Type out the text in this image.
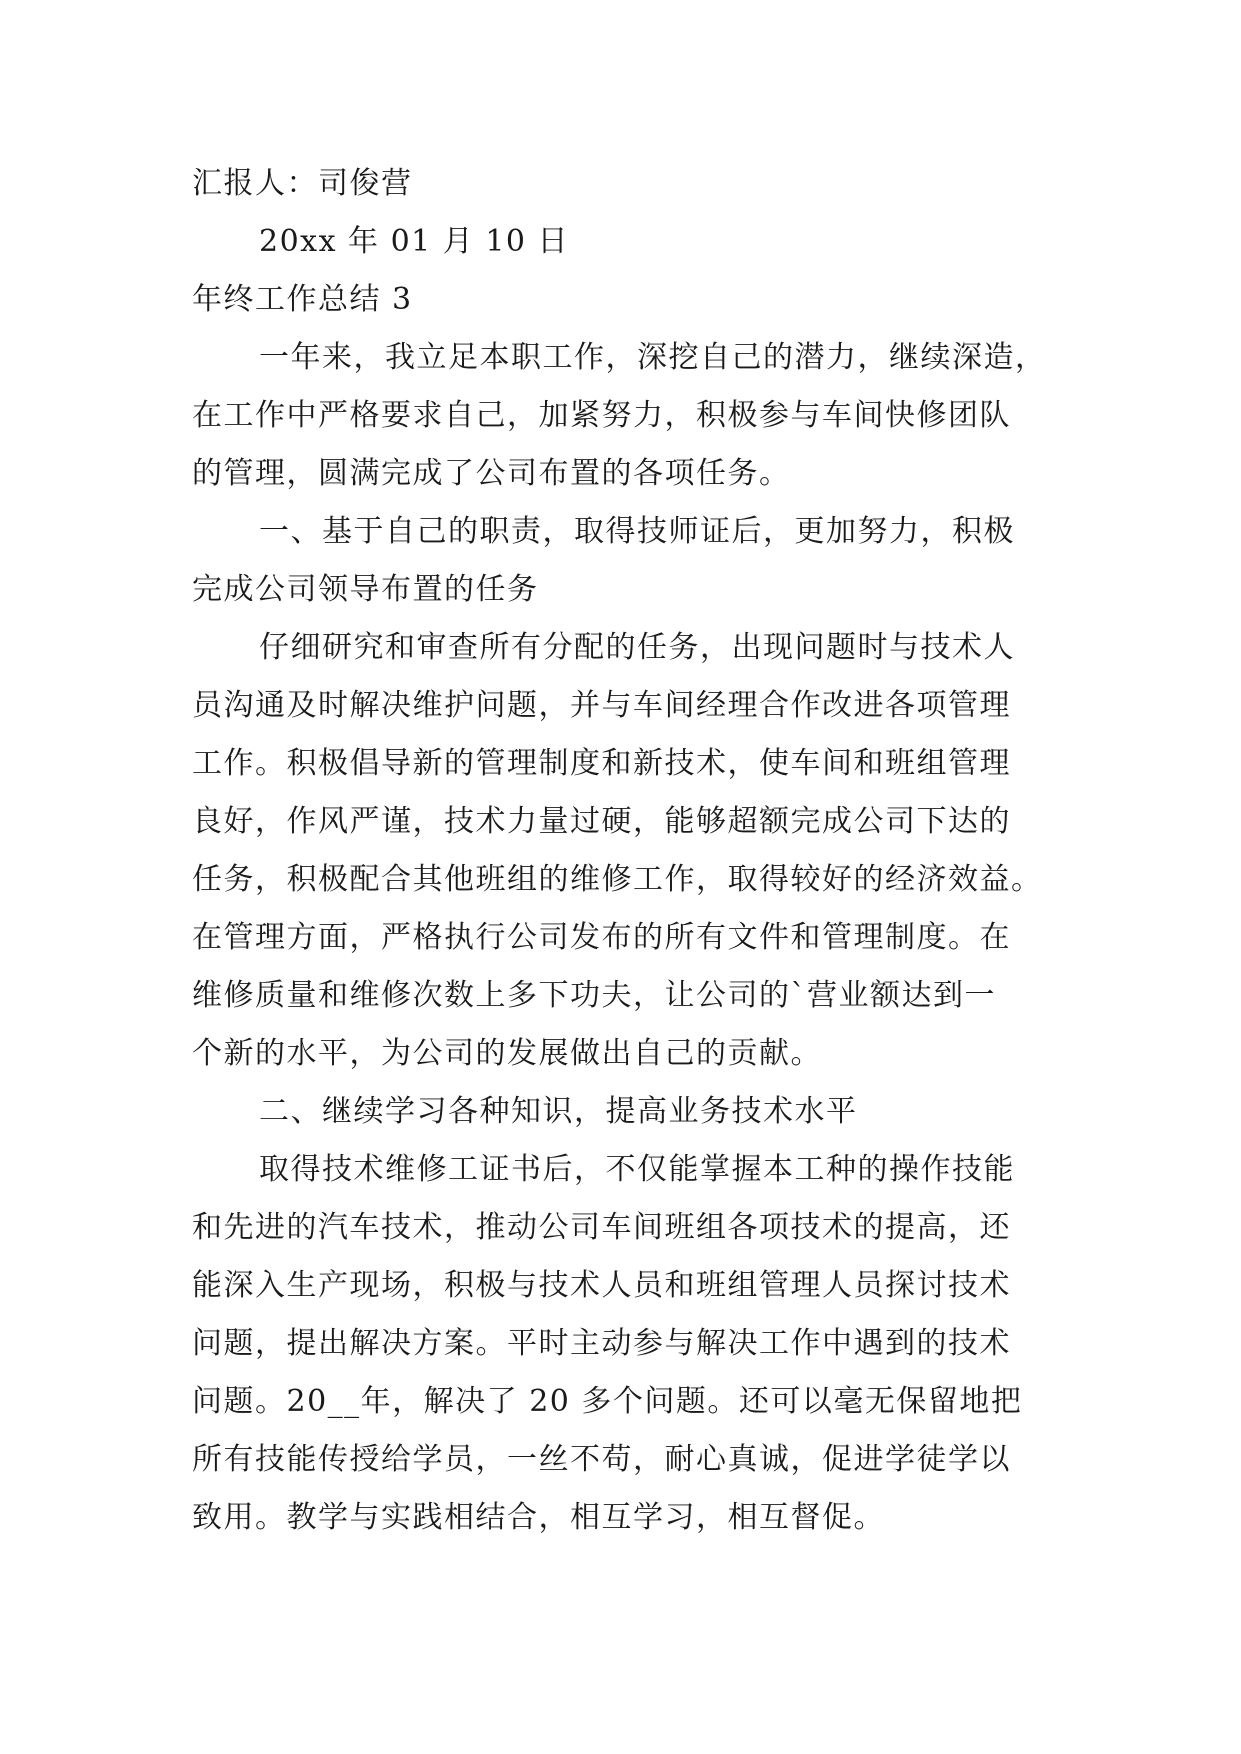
汇报人：司俊营

20xx 年 01 月 10 日

年终工作总结 3

一年来，我立足本职工作，深挖自己的潜力，继续深造，

在工作中严格要求自己，加紧努力，积极参与车间快修团队

的管理，圆满完成了公司布置的各项任务。

一、基于自己的职责，取得技师证后，更加努力，积极

完成公司领导布置的任务

仔细研究和审查所有分配的任务，出现问题时与技术人

员沟通及时解决维护问题，并与车间经理合作改进各项管理

工作。积极倡导新的管理制度和新技术，使车间和班组管理

良好，作风严谨，技术力量过硬，能够超额完成公司下达的

任务，积极配合其他班组的维修工作，取得较好的经济效益。

在管理方面，严格执行公司发布的所有文件和管理制度。在

维修质量和维修次数上多下功夫，让公司的`营业额达到一

个新的水平，为公司的发展做出自己的贡献。

二、继续学习各种知识，提高业务技术水平

取得技术维修工证书后，不仅能掌握本工种的操作技能

和先进的汽车技术，推动公司车间班组各项技术的提高，还

能深入生产现场，积极与技术人员和班组管理人员探讨技术

问题，提出解决方案。平时主动参与解决工作中遇到的技术

问题。20__年，解决了 20 多个问题。还可以毫无保留地把

所有技能传授给学员，一丝不苟，耐心真诚，促进学徒学以

致用。教学与实践相结合，相互学习，相互督促。
